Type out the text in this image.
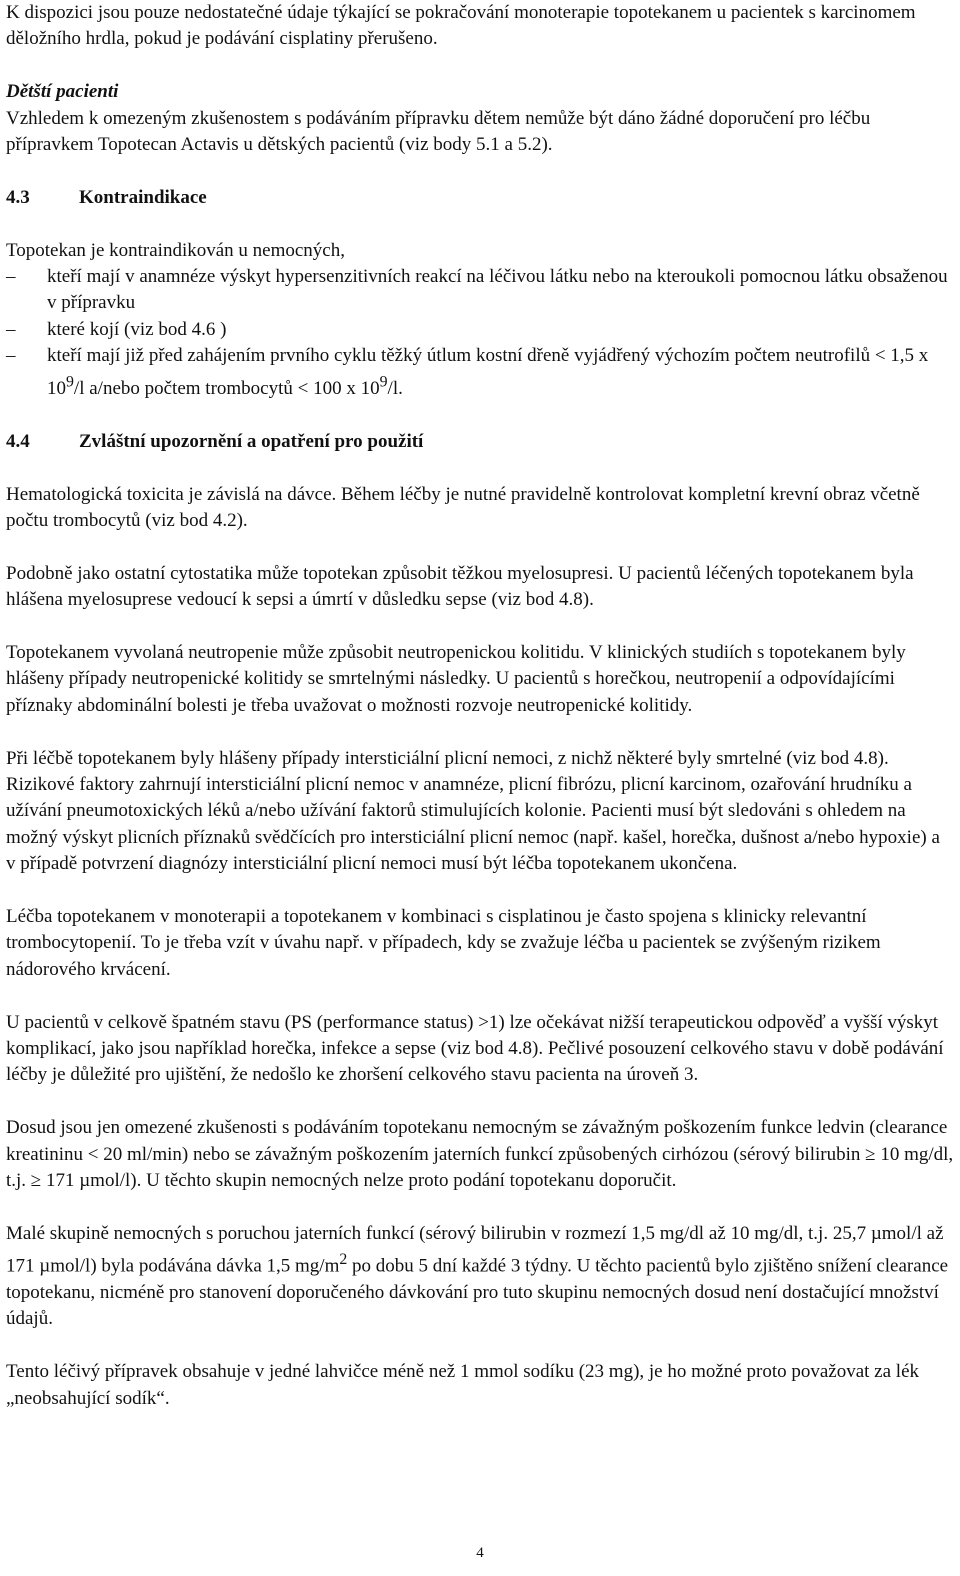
K dispozici jsou pouze nedostatečné údaje týkající se pokračování monoterapie topotekanem u pacientek s karcinomem děložního hrdla, pokud je podávání cisplatiny přerušeno.

Dětští pacienti

Vzhledem k omezeným zkušenostem s podáváním přípravku dětem nemůže být dáno žádné doporučení pro léčbu přípravkem Topotecan Actavis u dětských pacientů (viz body 5.1 a 5.2).

4.3	Kontraindikace

Topotekan je kontraindikován u nemocných,

– kteří mají v anamnéze výskyt hypersenzitivních reakcí na léčivou látku nebo na kteroukoli pomocnou látku obsaženou v přípravku
– které kojí (viz bod 4.6 )
– kteří mají již před zahájením prvního cyklu těžký útlum kostní dřeně vyjádřený výchozím počtem neutrofilů < 1,5 x $10^9/l$ a/nebo počtem trombocytů < 100 x $10^9/l$.
4.4	Zvláštní upozornění a opatření pro použití

Hematologická toxicita je závislá na dávce. Během léčby je nutné pravidelně kontrolovat kompletní krevní obraz včetně počtu trombocytů (viz bod 4.2).

Podobně jako ostatní cytostatika může topotekan způsobit těžkou myelosupresi. U pacientů léčených topotekanem byla hlášena myelosuprese vedoucí k sepsi a úmrtí v důsledku sepse (viz bod 4.8).

Topotekanem vyvolaná neutropenie může způsobit neutropenickou kolitidu. V klinických studiích s topotekanem byly hlášeny případy neutropenické kolitidy se smrtelnými následky. U pacientů s horečkou, neutropenií a odpovídajícími příznaky abdominální bolesti je třeba uvažovat o možnosti rozvoje neutropenické kolitidy.

Při léčbě topotekanem byly hlášeny případy intersticiální plicní nemoci, z nichž některé byly smrtelné (viz bod 4.8). Rizikové faktory zahrnují intersticiální plicní nemoc v anamnéze, plicní fibrózu, plicní karcinom, ozařování hrudníku a užívání pneumotoxických léků a/nebo užívání faktorů stimulujících kolonie. Pacienti musí být sledováni s ohledem na možný výskyt plicních příznaků svědčících pro intersticiální plicní nemoc (např. kašel, horečka, dušnost a/nebo hypoxie) a v případě potvrzení diagnózy intersticiální plicní nemoci musí být léčba topotekanem ukončena.

Léčba topotekanem v monoterapii a topotekanem v kombinaci s cisplatinou je často spojena s klinicky relevantní trombocytopenií. To je třeba vzít v úvahu např. v případech, kdy se zvažuje léčba u pacientek se zvýšeným rizikem nádorového krvácení.

U pacientů v celkově špatném stavu (PS (performance status) >1) lze očekávat nižší terapeutickou odpověď a vyšší výskyt komplikací, jako jsou například horečka, infekce a sepse (viz bod 4.8). Pečlivé posouzení celkového stavu v době podávání léčby je důležité pro ujištění, že nedošlo ke zhoršení celkového stavu pacienta na úroveň 3.

Dosud jsou jen omezené zkušenosti s podáváním topotekanu nemocným se závažným poškozením funkce ledvin (clearance kreatininu < 20 ml/min) nebo se závažným poškozením jaterních funkcí způsobených cirhózou (sérový bilirubin ≥ 10 mg/dl, t.j. ≥ 171 µmol/l). U těchto skupin nemocných nelze proto podání topotekanu doporučit.

Malé skupině nemocných s poruchou jaterních funkcí (sérový bilirubin v rozmezí 1,5 mg/dl až 10 mg/dl, t.j. 25,7 µmol/l až 171 µmol/l) byla podávána dávka 1,5 $mg/m^2$ po dobu 5 dní každé 3 týdny. U těchto pacientů bylo zjištěno snížení clearance topotekanu, nicméně pro stanovení doporučeného dávkování pro tuto skupinu nemocných dosud není dostačující množství údajů.

Tento léčivý přípravek obsahuje v jedné lahvičce méně než 1 mmol sodíku (23 mg), je ho možné proto považovat za lék „neobsahující sodík“.

4
